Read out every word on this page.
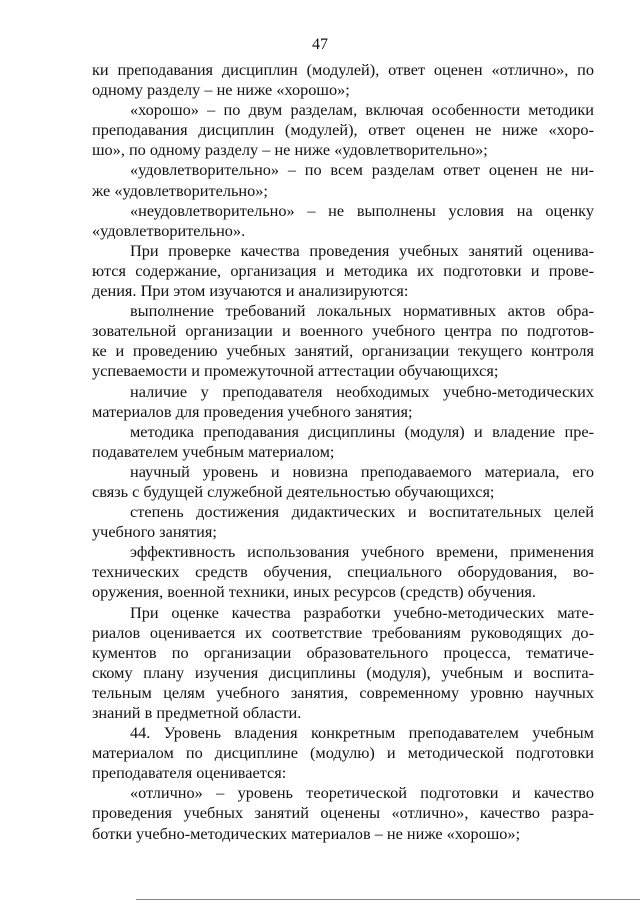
47
ки преподавания дисциплин (модулей), ответ оценен «отлично», по
одному разделу – не ниже «хорошо»;
«хорошо» – по двум разделам, включая особенности методики
преподавания дисциплин (модулей), ответ оценен не ниже «хоро-
шо», по одному разделу – не ниже «удовлетворительно»;
«удовлетворительно» – по всем разделам ответ оценен не ни-
же «удовлетворительно»;
«неудовлетворительно» – не выполнены условия на оценку
«удовлетворительно».
При проверке качества проведения учебных занятий оценива-
ются содержание, организация и методика их подготовки и прове-
дения. При этом изучаются и анализируются:
выполнение требований локальных нормативных актов обра-
зовательной организации и военного учебного центра по подготов-
ке и проведению учебных занятий, организации текущего контроля
успеваемости и промежуточной аттестации обучающихся;
наличие у преподавателя необходимых учебно-методических
материалов для проведения учебного занятия;
методика преподавания дисциплины (модуля) и владение пре-
подавателем учебным материалом;
научный уровень и новизна преподаваемого материала, его
связь с будущей служебной деятельностью обучающихся;
степень достижения дидактических и воспитательных целей
учебного занятия;
эффективность использования учебного времени, применения
технических средств обучения, специального оборудования, во-
оружения, военной техники, иных ресурсов (средств) обучения.
При оценке качества разработки учебно-методических мате-
риалов оценивается их соответствие требованиям руководящих до-
кументов по организации образовательного процесса, тематиче-
скому плану изучения дисциплины (модуля), учебным и воспита-
тельным целям учебного занятия, современному уровню научных
знаний в предметной области.
44. Уровень владения конкретным преподавателем учебным
материалом по дисциплине (модулю) и методической подготовки
преподавателя оценивается:
«отлично» – уровень теоретической подготовки и качество
проведения учебных занятий оценены «отлично», качество разра-
ботки учебно-методических материалов – не ниже «хорошо»;
